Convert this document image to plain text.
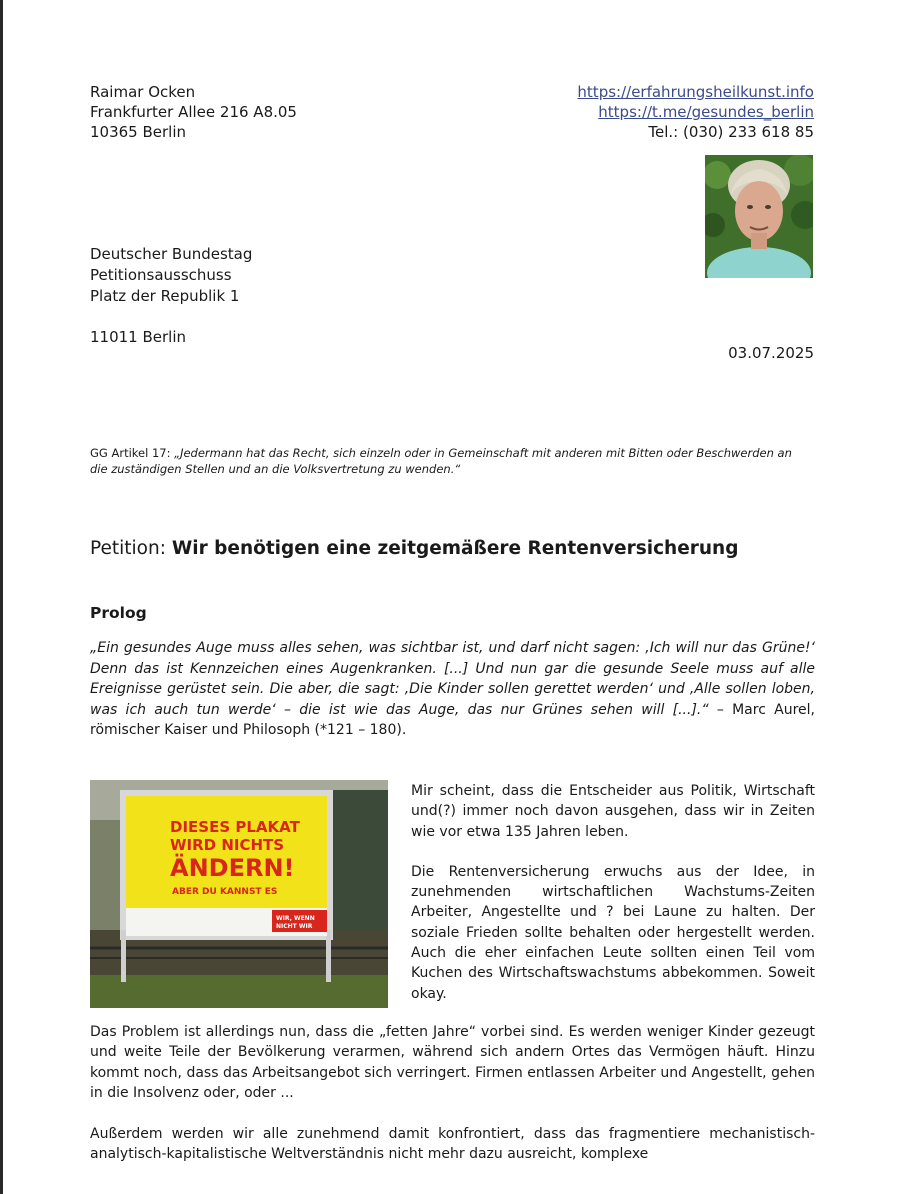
Raimar Ocken
Frankfurter Allee 216 A8.05
10365 Berlin
https://erfahrungsheilkunst.info
https://t.me/gesundes_berlin
Tel.: (030) 233 618 85
Deutscher Bundestag
Petitionsausschuss
Platz der Republik 1
11011 Berlin
03.07.2025
GG Artikel 17: „Jedermann hat das Recht, sich einzeln oder in Gemeinschaft mit anderen mit Bitten oder Beschwerden an die zuständigen Stellen und an die Volksvertretung zu wenden.“
Petition: Wir benötigen eine zeitgemäßere Rentenversicherung
Prolog
„Ein gesundes Auge muss alles sehen, was sichtbar ist, und darf nicht sagen: ‚Ich will nur das Grüne!‘ Denn das ist Kennzeichen eines Augenkranken. [...] Und nun gar die gesunde Seele muss auf alle Ereignisse gerüstet sein. Die aber, die sagt: ‚Die Kinder sollen gerettet werden‘ und ‚Alle sollen loben, was ich auch tun werde‘ – die ist wie das Auge, das nur Grünes sehen will [...].“ – Marc Aurel, römischer Kaiser und Philosoph (*121 – 180).
DIESES PLAKAT
WIRD NICHTS
ÄNDERN!
ABER DU KANNST ES
WIR, WENN
NICHT WIR

Mir scheint, dass die Entscheider aus Politik, Wirtschaft und(?) immer noch davon ausgehen, dass wir in Zeiten wie vor etwa 135 Jahren leben.

Die Rentenversicherung erwuchs aus der Idee, in zunehmenden wirtschaftlichen Wachstums-Zeiten Arbeiter, Angestellte und ? bei Laune zu halten. Der soziale Frieden sollte behalten oder hergestellt werden. Auch die eher einfachen Leute sollten einen Teil vom Kuchen des Wirtschaftswachstums abbekommen. Soweit okay.

Das Problem ist allerdings nun, dass die „fetten Jahre“ vorbei sind. Es werden weniger Kinder gezeugt und weite Teile der Bevölkerung verarmen, während sich andern Ortes das Vermögen häuft. Hinzu kommt noch, dass das Arbeitsangebot sich verringert. Firmen entlassen Arbeiter und Angestellt, gehen in die Insolvenz oder, oder ...
Außerdem werden wir alle zunehmend damit konfrontiert, dass das fragmentiere mechanistisch-analytisch-kapitalistische Weltverständnis nicht mehr dazu ausreicht, komplexe
